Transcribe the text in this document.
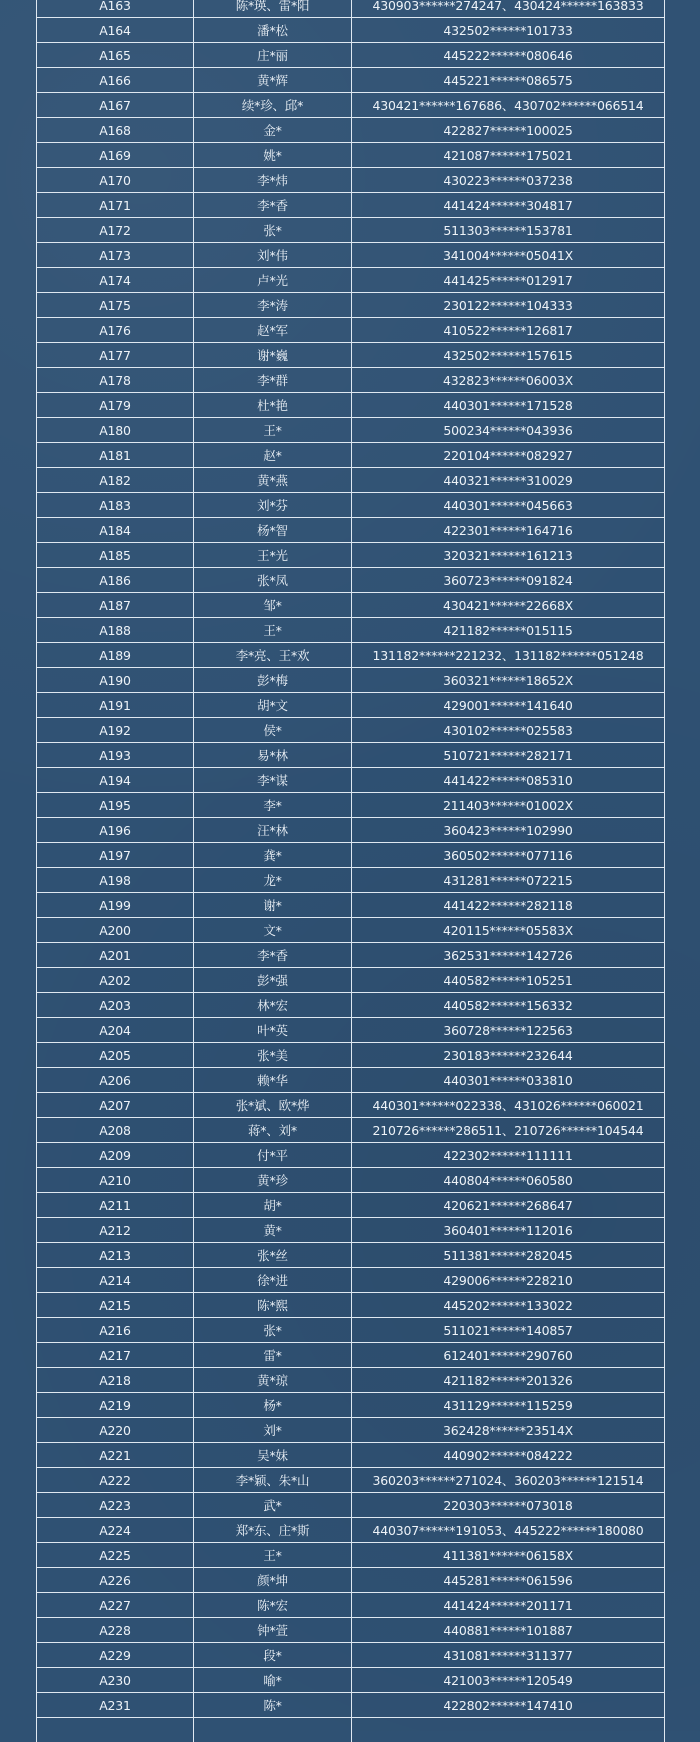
A163	陈*瑛、雷*阳	430903******274247、430424******163833
A164	潘*松	432502******101733
A165	庄*丽	445222******080646
A166	黄*辉	445221******086575
A167	续*珍、邱*	430421******167686、430702******066514
A168	金*	422827******100025
A169	姚*	421087******175021
A170	李*炜	430223******037238
A171	李*香	441424******304817
A172	张*	511303******153781
A173	刘*伟	341004******05041X
A174	卢*光	441425******012917
A175	李*涛	230122******104333
A176	赵*军	410522******126817
A177	谢*巍	432502******157615
A178	李*群	432823******06003X
A179	杜*艳	440301******171528
A180	王*	500234******043936
A181	赵*	220104******082927
A182	黄*燕	440321******310029
A183	刘*芬	440301******045663
A184	杨*智	422301******164716
A185	王*光	320321******161213
A186	张*凤	360723******091824
A187	邹*	430421******22668X
A188	王*	421182******015115
A189	李*亮、王*欢	131182******221232、131182******051248
A190	彭*梅	360321******18652X
A191	胡*文	429001******141640
A192	侯*	430102******025583
A193	易*林	510721******282171
A194	李*谋	441422******085310
A195	李*	211403******01002X
A196	汪*林	360423******102990
A197	龚*	360502******077116
A198	龙*	431281******072215
A199	谢*	441422******282118
A200	文*	420115******05583X
A201	李*香	362531******142726
A202	彭*强	440582******105251
A203	林*宏	440582******156332
A204	叶*英	360728******122563
A205	张*美	230183******232644
A206	赖*华	440301******033810
A207	张*斌、欧*烨	440301******022338、431026******060021
A208	蒋*、刘*	210726******286511、210726******104544
A209	付*平	422302******111111
A210	黄*珍	440804******060580
A211	胡*	420621******268647
A212	黄*	360401******112016
A213	张*丝	511381******282045
A214	徐*进	429006******228210
A215	陈*熙	445202******133022
A216	张*	511021******140857
A217	雷*	612401******290760
A218	黄*琼	421182******201326
A219	杨*	431129******115259
A220	刘*	362428******23514X
A221	吴*妹	440902******084222
A222	李*颖、朱*山	360203******271024、360203******121514
A223	武*	220303******073018
A224	郑*东、庄*斯	440307******191053、445222******180080
A225	王*	411381******06158X
A226	颜*坤	445281******061596
A227	陈*宏	441424******201171
A228	钟*萱	440881******101887
A229	段*	431081******311377
A230	喻*	421003******120549
A231	陈*	422802******147410
